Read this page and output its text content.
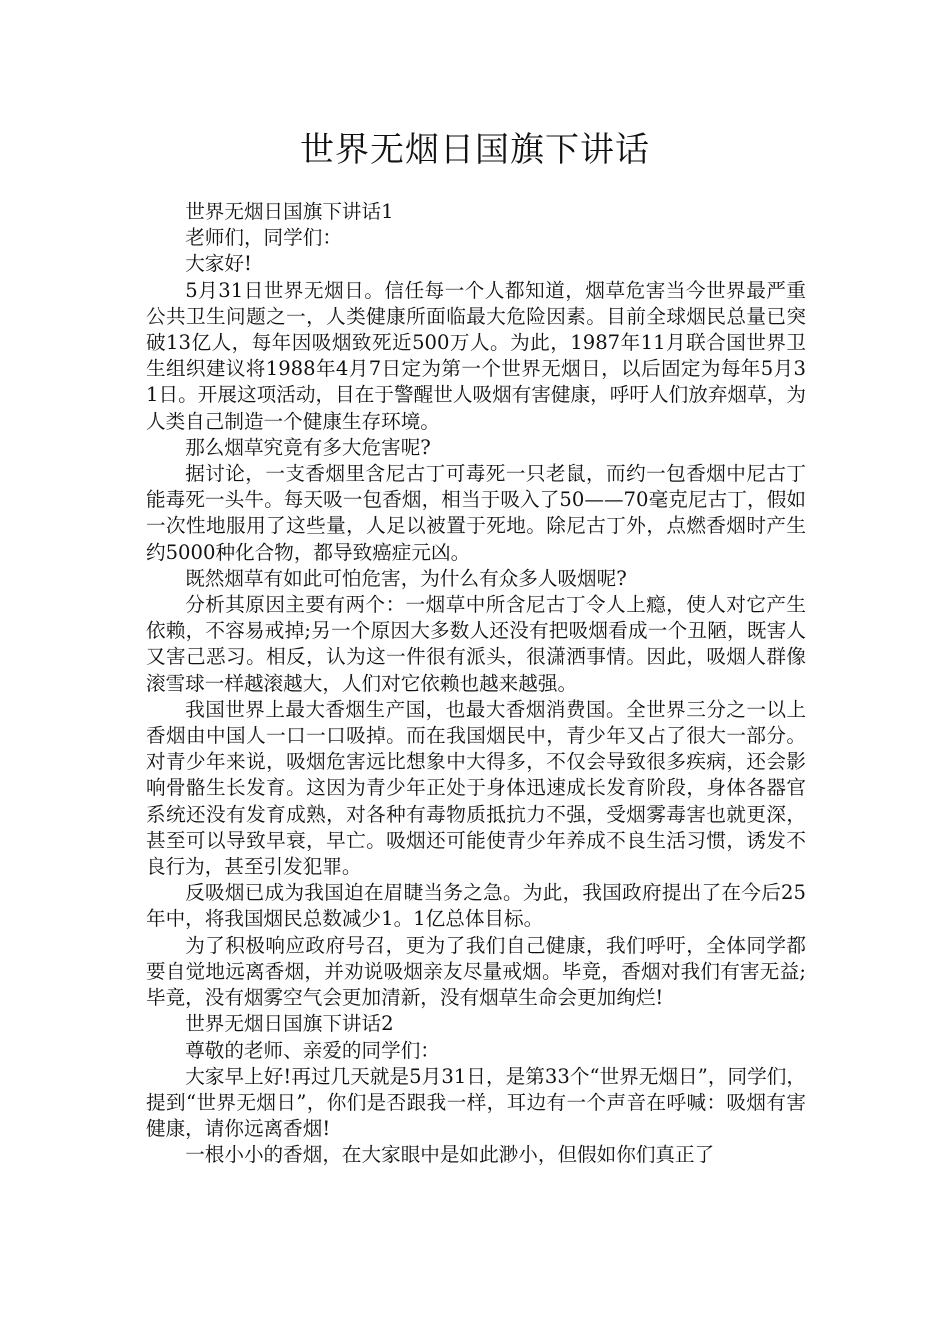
世界无烟日国旗下讲话

世界无烟日国旗下讲话1

老师们，同学们：

大家好!

5月31日世界无烟日。信任每一个人都知道，烟草危害当今世界最严重公共卫生问题之一，人类健康所面临最大危险因素。目前全球烟民总量已突破13亿人，每年因吸烟致死近500万人。为此，1987年11月联合国世界卫生组织建议将1988年4月7日定为第一个世界无烟日，以后固定为每年5月31日。开展这项活动，目在于警醒世人吸烟有害健康，呼吁人们放弃烟草，为人类自己制造一个健康生存环境。

那么烟草究竟有多大危害呢?

据讨论，一支香烟里含尼古丁可毒死一只老鼠，而约一包香烟中尼古丁能毒死一头牛。每天吸一包香烟，相当于吸入了50——70毫克尼古丁，假如一次性地服用了这些量，人足以被置于死地。除尼古丁外，点燃香烟时产生约5000种化合物，都导致癌症元凶。

既然烟草有如此可怕危害，为什么有众多人吸烟呢?

分析其原因主要有两个：一烟草中所含尼古丁令人上瘾，使人对它产生依赖，不容易戒掉;另一个原因大多数人还没有把吸烟看成一个丑陋，既害人又害己恶习。相反，认为这一件很有派头，很潇洒事情。因此，吸烟人群像滚雪球一样越滚越大，人们对它依赖也越来越强。

我国世界上最大香烟生产国，也最大香烟消费国。全世界三分之一以上香烟由中国人一口一口吸掉。而在我国烟民中，青少年又占了很大一部分。对青少年来说，吸烟危害远比想象中大得多，不仅会导致很多疾病，还会影响骨骼生长发育。这因为青少年正处于身体迅速成长发育阶段，身体各器官系统还没有发育成熟，对各种有毒物质抵抗力不强，受烟雾毒害也就更深，甚至可以导致早衰，早亡。吸烟还可能使青少年养成不良生活习惯，诱发不良行为，甚至引发犯罪。

反吸烟已成为我国迫在眉睫当务之急。为此，我国政府提出了在今后25年中，将我国烟民总数减少1。1亿总体目标。

为了积极响应政府号召，更为了我们自己健康，我们呼吁，全体同学都要自觉地远离香烟，并劝说吸烟亲友尽量戒烟。毕竟，香烟对我们有害无益;毕竟，没有烟雾空气会更加清新，没有烟草生命会更加绚烂!

世界无烟日国旗下讲话2

尊敬的老师、亲爱的同学们：

大家早上好!再过几天就是5月31日，是第33个“世界无烟日”，同学们，提到“世界无烟日”，你们是否跟我一样，耳边有一个声音在呼喊：吸烟有害健康，请你远离香烟!

一根小小的香烟，在大家眼中是如此渺小，但假如你们真正了
